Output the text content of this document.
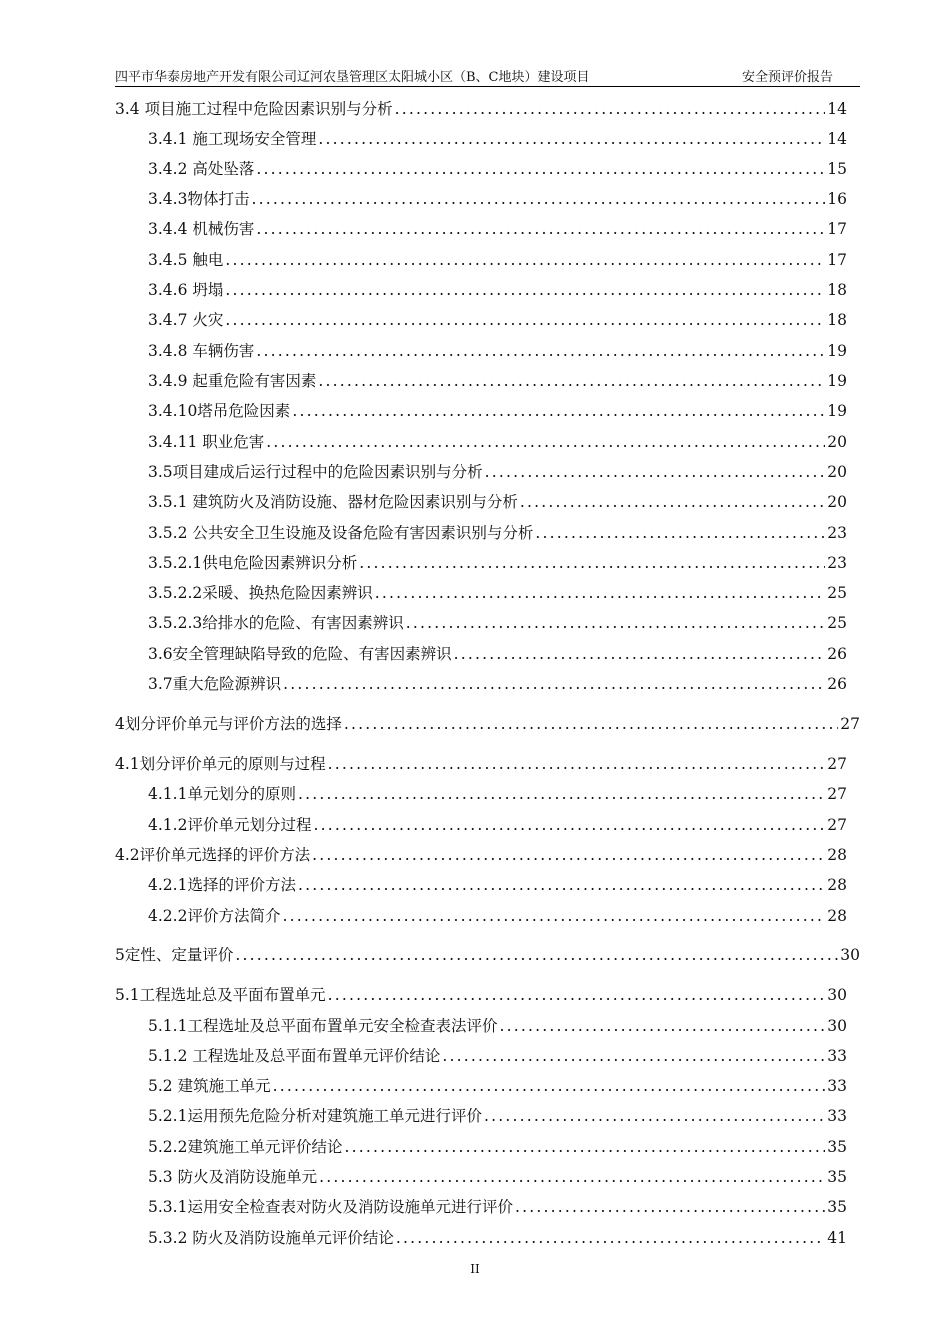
四平市华泰房地产开发有限公司辽河农垦管理区太阳城小区（B、C地块）建设项目	安全预评价报告
3.4 项目施工过程中危险因素识别与分析 .....	14
3.4.1 施工现场安全管理 .....	14
3.4.2 高处坠落 .....	15
3.4.3物体打击 .....	16
3.4.4 机械伤害 .....	17
3.4.5 触电 .....	17
3.4.6 坍塌 .....	18
3.4.7 火灾 .....	18
3.4.8 车辆伤害 .....	19
3.4.9 起重危险有害因素 .....	19
3.4.10塔吊危险因素 .....	19
3.4.11 职业危害 .....	20
3.5项目建成后运行过程中的危险因素识别与分析 .....	20
3.5.1 建筑防火及消防设施、器材危险因素识别与分析 .....	20
3.5.2 公共安全卫生设施及设备危险有害因素识别与分析 .....	23
3.5.2.1供电危险因素辨识分析 .....	23
3.5.2.2采暖、换热危险因素辨识 .....	25
3.5.2.3给排水的危险、有害因素辨识 .....	25
3.6安全管理缺陷导致的危险、有害因素辨识 .....	26
3.7重大危险源辨识 .....	26
4划分评价单元与评价方法的选择 .....	27
4.1划分评价单元的原则与过程 .....	27
4.1.1单元划分的原则 .....	27
4.1.2评价单元划分过程 .....	27
4.2评价单元选择的评价方法 .....	28
4.2.1选择的评价方法 .....	28
4.2.2评价方法简介 .....	28
5定性、定量评价 .....	30
5.1工程选址总及平面布置单元 .....	30
5.1.1工程选址及总平面布置单元安全检查表法评价 .....	30
5.1.2 工程选址及总平面布置单元评价结论 .....	33
5.2 建筑施工单元 .....	33
5.2.1运用预先危险分析对建筑施工单元进行评价 .....	33
5.2.2建筑施工单元评价结论 .....	35
5.3 防火及消防设施单元 .....	35
5.3.1运用安全检查表对防火及消防设施单元进行评价 .....	35
5.3.2 防火及消防设施单元评价结论 .....	41
II
